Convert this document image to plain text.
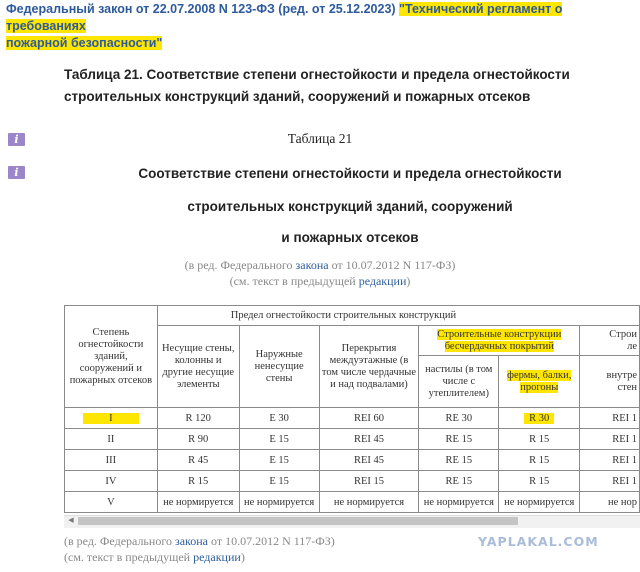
Федеральный закон от 22.07.2008 N 123-ФЗ (ред. от 25.12.2023) "Технический регламент о требованиях
пожарной безопасности"
Таблица 21. Соответствие степени огнестойкости и предела огнестойкости
строительных конструкций зданий, сооружений и пожарных отсеков
i
i
Таблица 21
Соответствие степени огнестойкости и предела огнестойкости
строительных конструкций зданий, сооружений
и пожарных отсеков
(в ред. Федерального закона от 10.07.2012 N 117-ФЗ)
(см. текст в предыдущей редакции)
Степень огнестойкости зданий, сооружений и пожарных отсеков	Предел огнестойкости строительных конструкций					
	Несущие стены, колонны и другие несущие элементы	Наружные ненесущие стены	Перекрытия междуэтажные (в том числе чердачные и над подвалами)	Строительные конструкции бесчердачных покрытий		Строи
ле
				настилы (в том числе с утеплителем)	фермы, балки, прогоны	внутре
стен
I	R 120	E 30	REI 60	RE 30	R 30	REI 1
II	R 90	E 15	REI 45	RE 15	R 15	REI 1
III	R 45	E 15	REI 45	RE 15	R 15	REI 1
IV	R 15	E 15	REI 15	RE 15	R 15	REI 1
V	не нормируется	не нормируется	не нормируется	не нормируется	не нормируется	не нор
◀
(в ред. Федерального закона от 10.07.2012 N 117-ФЗ)
(см. текст в предыдущей редакции)
YAPLAKAL.COM
